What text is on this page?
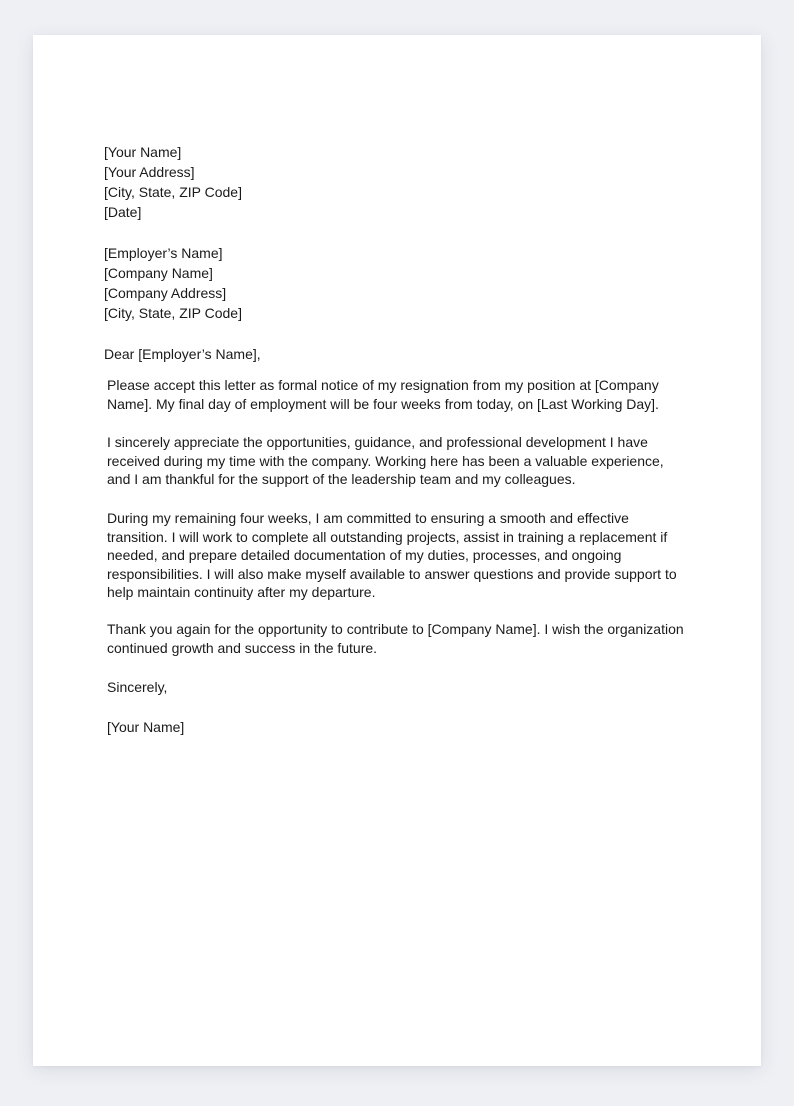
[Your Name]
[Your Address]
[City, State, ZIP Code]
[Date]
[Employer’s Name]
[Company Name]
[Company Address]
[City, State, ZIP Code]

Dear [Employer’s Name],

Please accept this letter as formal notice of my resignation from my position at [Company
Name]. My final day of employment will be four weeks from today, on [Last Working Day].

I sincerely appreciate the opportunities, guidance, and professional development I have
received during my time with the company. Working here has been a valuable experience,
and I am thankful for the support of the leadership team and my colleagues.

During my remaining four weeks, I am committed to ensuring a smooth and effective
transition. I will work to complete all outstanding projects, assist in training a replacement if
needed, and prepare detailed documentation of my duties, processes, and ongoing
responsibilities. I will also make myself available to answer questions and provide support to
help maintain continuity after my departure.

Thank you again for the opportunity to contribute to [Company Name]. I wish the organization
continued growth and success in the future.

Sincerely,

[Your Name]
